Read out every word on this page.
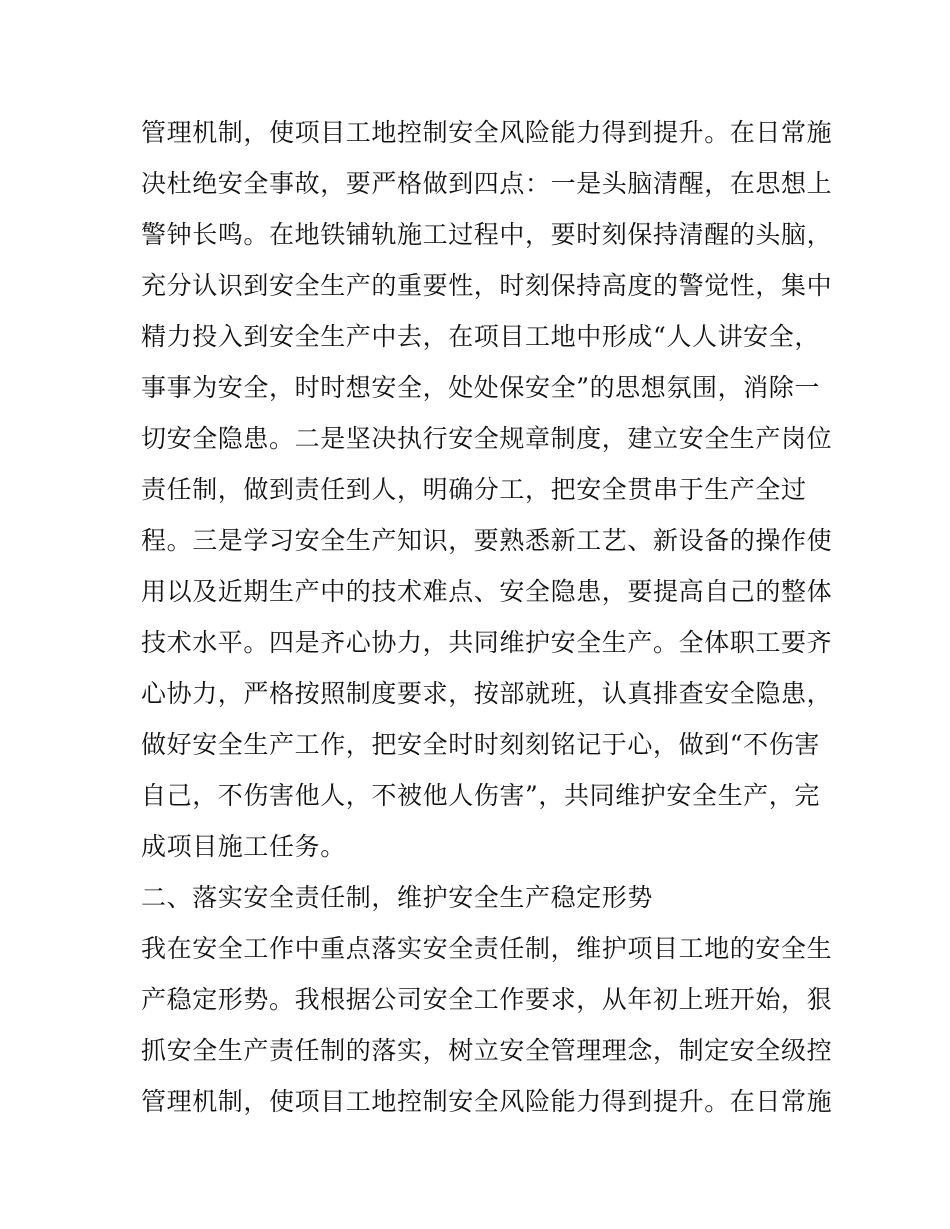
管理机制，使项目工地控制安全风险能力得到提升。在日常施
决杜绝安全事故，要严格做到四点：一是头脑清醒，在思想上
警钟长鸣。在地铁铺轨施工过程中，要时刻保持清醒的头脑，
充分认识到安全生产的重要性，时刻保持高度的警觉性，集中
精力投入到安全生产中去，在项目工地中形成“人人讲安全，
事事为安全，时时想安全，处处保安全”的思想氛围，消除一
切安全隐患。二是坚决执行安全规章制度，建立安全生产岗位
责任制，做到责任到人，明确分工，把安全贯串于生产全过
程。三是学习安全生产知识，要熟悉新工艺、新设备的操作使
用以及近期生产中的技术难点、安全隐患，要提高自己的整体
技术水平。四是齐心协力，共同维护安全生产。全体职工要齐
心协力，严格按照制度要求，按部就班，认真排查安全隐患，
做好安全生产工作，把安全时时刻刻铭记于心，做到“不伤害
自己，不伤害他人，不被他人伤害”，共同维护安全生产，完
成项目施工任务。
二、落实安全责任制，维护安全生产稳定形势
我在安全工作中重点落实安全责任制，维护项目工地的安全生
产稳定形势。我根据公司安全工作要求，从年初上班开始，狠
抓安全生产责任制的落实，树立安全管理理念，制定安全级控
管理机制，使项目工地控制安全风险能力得到提升。在日常施
